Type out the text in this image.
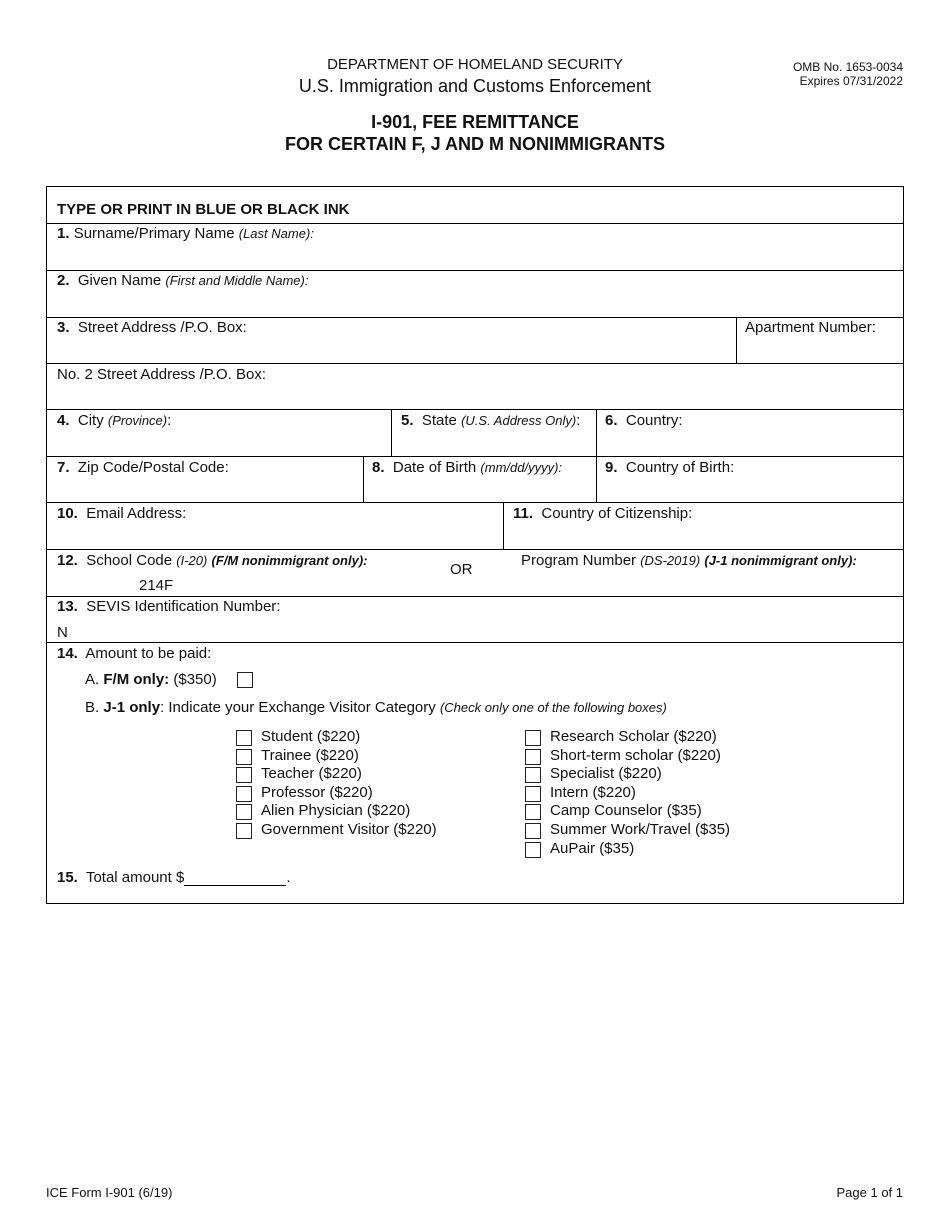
DEPARTMENT OF HOMELAND SECURITY
U.S. Immigration and Customs Enforcement
OMB No. 1653-0034
Expires 07/31/2022
I-901, FEE REMITTANCE
FOR CERTAIN F, J AND M NONIMMIGRANTS
TYPE OR PRINT IN BLUE OR BLACK INK
1. Surname/Primary Name (Last Name):
2. Given Name (First and Middle Name):
3. Street Address /P.O. Box:	Apartment Number:
No. 2 Street Address /P.O. Box:
4. City (Province):	5. State (U.S. Address Only): 6. Country:
7. Zip Code/Postal Code:	8. Date of Birth (mm/dd/yyyy):	9. Country of Birth:
10. Email Address:	11. Country of Citizenship:
12. School Code (I-20) (F/M nonimmigrant only):
214F
OR
Program Number (DS-2019) (J-1 nonimmigrant only):
13. SEVIS Identification Number:
N
14. Amount to be paid:
A. F/M only: ($350)
B. J-1 only: Indicate your Exchange Visitor Category (Check only one of the following boxes)
Student ($220)
Trainee ($220)
Teacher ($220)
Professor ($220)
Alien Physician ($220)
Government Visitor ($220)
Research Scholar ($220)
Short-term scholar ($220)
Specialist ($220)
Intern ($220)
Camp Counselor ($35)
Summer Work/Travel ($35)
AuPair ($35)
15. Total amount $	.
ICE Form I-901 (6/19)	Page 1 of 1
